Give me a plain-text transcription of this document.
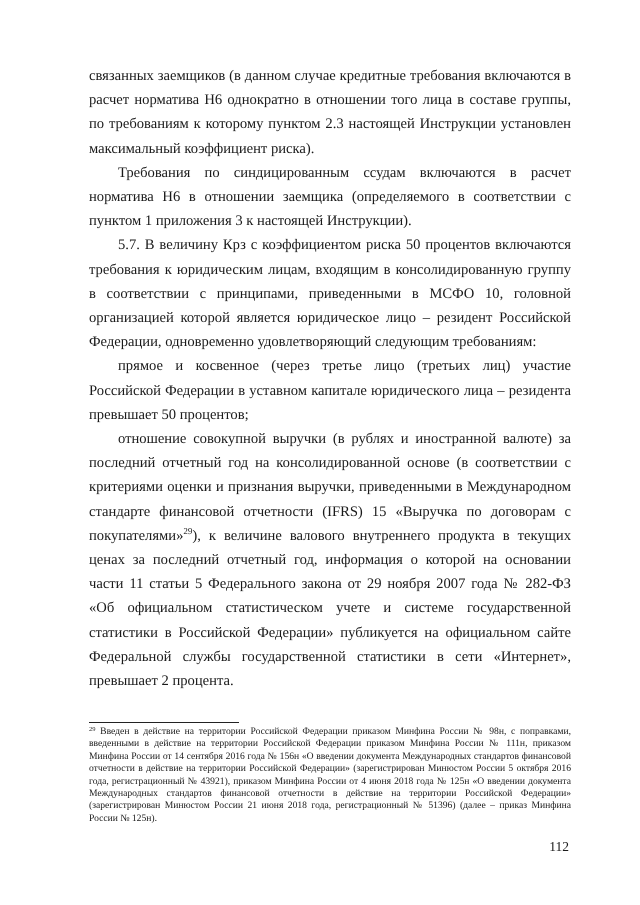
связанных заемщиков (в данном случае кредитные требования включаются в расчет норматива Н6 однократно в отношении того лица в составе группы, по требованиям к которому пунктом 2.3 настоящей Инструкции установлен максимальный коэффициент риска).

Требования по синдицированным ссудам включаются в расчет норматива Н6 в отношении заемщика (определяемого в соответствии с пунктом 1 приложения 3 к настоящей Инструкции).

5.7. В величину Крз с коэффициентом риска 50 процентов включаются требования к юридическим лицам, входящим в консолидированную группу в соответствии с принципами, приведенными в МСФО 10, головной организацией которой является юридическое лицо – резидент Российской Федерации, одновременно удовлетворяющий следующим требованиям:

прямое и косвенное (через третье лицо (третьих лиц) участие Российской Федерации в уставном капитале юридического лица – резидента превышает 50 процентов;

отношение совокупной выручки (в рублях и иностранной валюте) за последний отчетный год на консолидированной основе (в соответствии с критериями оценки и признания выручки, приведенными в Международном стандарте финансовой отчетности (IFRS) 15 «Выручка по договорам с покупателями»$^{29}$), к величине валового внутреннего продукта в текущих ценах за последний отчетный год, информация о которой на основании части 11 статьи 5 Федерального закона от 29 ноября 2007 года № 282-ФЗ «Об официальном статистическом учете и системе государственной статистики в Российской Федерации» публикуется на официальном сайте Федеральной службы государственной статистики в сети «Интернет», превышает 2 процента.

$^{29}$ Введен в действие на территории Российской Федерации приказом Минфина России № 98н, с поправками, введенными в действие на территории Российской Федерации приказом Минфина России № 111н, приказом Минфина России от 14 сентября 2016 года № 156н «О введении документа Международных стандартов финансовой отчетности в действие на территории Российской Федерации» (зарегистрирован Минюстом России 5 октября 2016 года, регистрационный № 43921), приказом Минфина России от 4 июня 2018 года № 125н «О введении документа Международных стандартов финансовой отчетности в действие на территории Российской Федерации» (зарегистрирован Минюстом России 21 июня 2018 года, регистрационный № 51396) (далее – приказ Минфина России № 125н).
112
